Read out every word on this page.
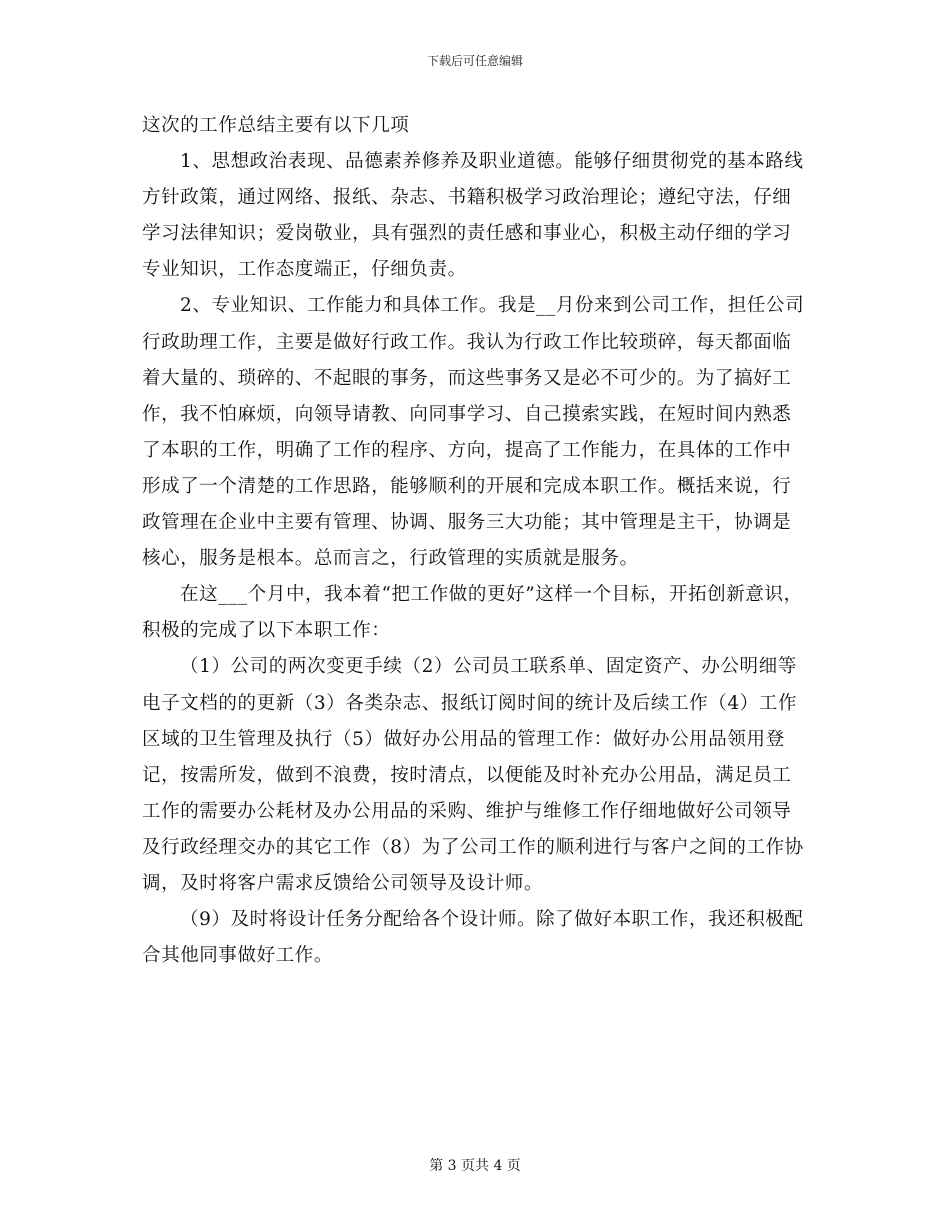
下载后可任意编辑

这次的工作总结主要有以下几项

1、思想政治表现、品德素养修养及职业道德。能够仔细贯彻党的基本路线方针政策，通过网络、报纸、杂志、书籍积极学习政治理论；遵纪守法，仔细学习法律知识；爱岗敬业，具有强烈的责任感和事业心，积极主动仔细的学习专业知识，工作态度端正，仔细负责。

2、专业知识、工作能力和具体工作。我是__月份来到公司工作，担任公司行政助理工作，主要是做好行政工作。我认为行政工作比较琐碎，每天都面临着大量的、琐碎的、不起眼的事务，而这些事务又是必不可少的。为了搞好工作，我不怕麻烦，向领导请教、向同事学习、自己摸索实践，在短时间内熟悉了本职的工作，明确了工作的程序、方向，提高了工作能力，在具体的工作中形成了一个清楚的工作思路，能够顺利的开展和完成本职工作。概括来说，行政管理在企业中主要有管理、协调、服务三大功能；其中管理是主干，协调是核心，服务是根本。总而言之，行政管理的实质就是服务。

在这___个月中，我本着“把工作做的更好”这样一个目标，开拓创新意识，积极的完成了以下本职工作：

（1）公司的两次变更手续（2）公司员工联系单、固定资产、办公明细等电子文档的的更新（3）各类杂志、报纸订阅时间的统计及后续工作（4）工作区域的卫生管理及执行（5）做好办公用品的管理工作：做好办公用品领用登记，按需所发，做到不浪费，按时清点，以便能及时补充办公用品，满足员工工作的需要办公耗材及办公用品的采购、维护与维修工作仔细地做好公司领导及行政经理交办的其它工作（8）为了公司工作的顺利进行与客户之间的工作协调，及时将客户需求反馈给公司领导及设计师。

（9）及时将设计任务分配给各个设计师。除了做好本职工作，我还积极配合其他同事做好工作。

第 3 页共 4 页
